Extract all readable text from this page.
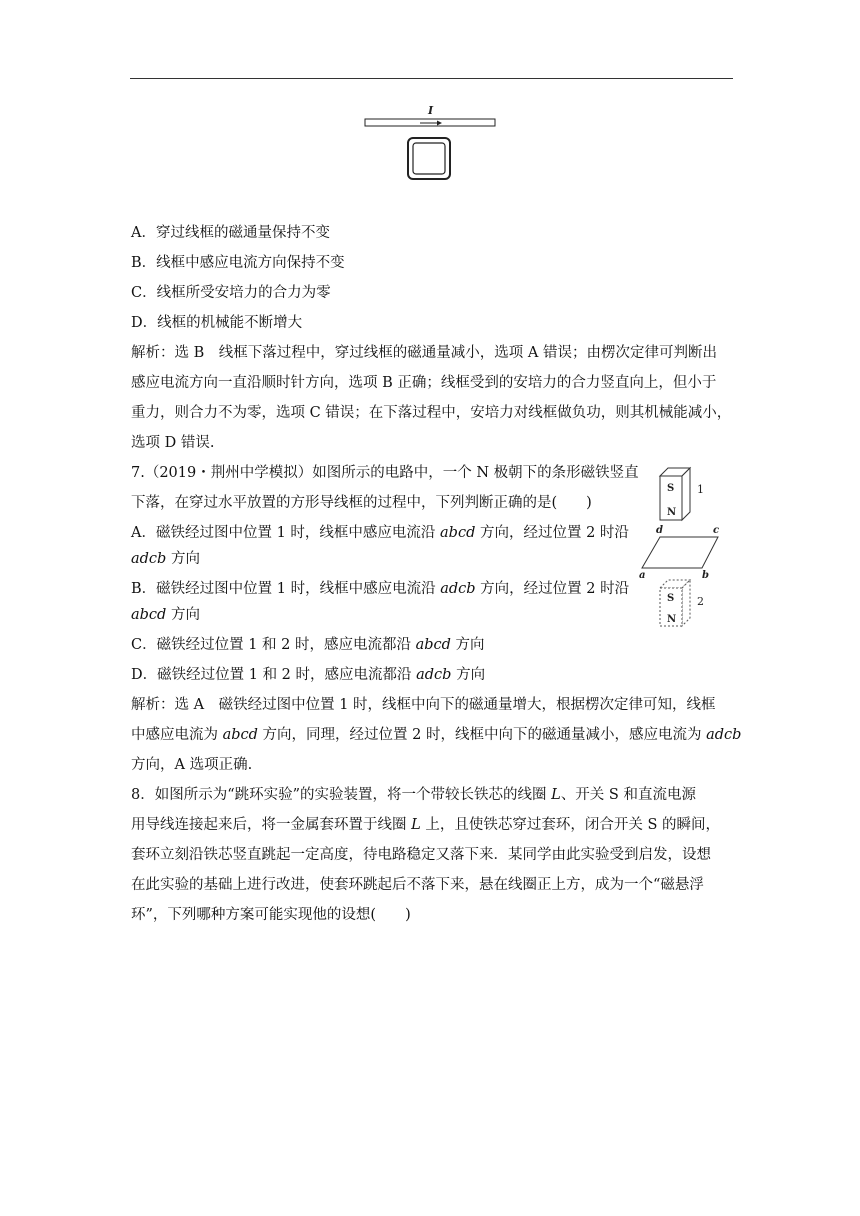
I
A．穿过线框的磁通量保持不变
B．线框中感应电流方向保持不变
C．线框所受安培力的合力为零
D．线框的机械能不断增大
解析：选 B　线框下落过程中，穿过线框的磁通量减小，选项 A 错误；由楞次定律可判断出
感应电流方向一直沿顺时针方向，选项 B 正确；线框受到的安培力的合力竖直向上，但小于
重力，则合力不为零，选项 C 错误；在下落过程中，安培力对线框做负功，则其机械能减小，
选项 D 错误.
7.（2019・荆州中学模拟）如图所示的电路中，一个 N 极朝下的条形磁铁竖直
下落，在穿过水平放置的方形导线框的过程中，下列判断正确的是(　　)
A．磁铁经过图中位置 1 时，线框中感应电流沿 abcd 方向，经过位置 2 时沿
adcb 方向
B．磁铁经过图中位置 1 时，线框中感应电流沿 adcb 方向，经过位置 2 时沿
abcd 方向
C．磁铁经过位置 1 和 2 时，感应电流都沿 abcd 方向
D．磁铁经过位置 1 和 2 时，感应电流都沿 adcb 方向
解析：选 A　磁铁经过图中位置 1 时，线框中向下的磁通量增大，根据楞次定律可知，线框
中感应电流为 abcd 方向，同理，经过位置 2 时，线框中向下的磁通量减小，感应电流为 adcb
方向，A 选项正确.
S
N
1
d	c
a	b
S
N
2
8．如图所示为“跳环实验”的实验装置，将一个带较长铁芯的线圈 L、开关 S 和直流电源
用导线连接起来后，将一金属套环置于线圈 L 上，且使铁芯穿过套环，闭合开关 S 的瞬间，
套环立刻沿铁芯竖直跳起一定高度，待电路稳定又落下来．某同学由此实验受到启发，设想
在此实验的基础上进行改进，使套环跳起后不落下来，悬在线圈正上方，成为一个“磁悬浮
环”，下列哪种方案可能实现他的设想(　　)
